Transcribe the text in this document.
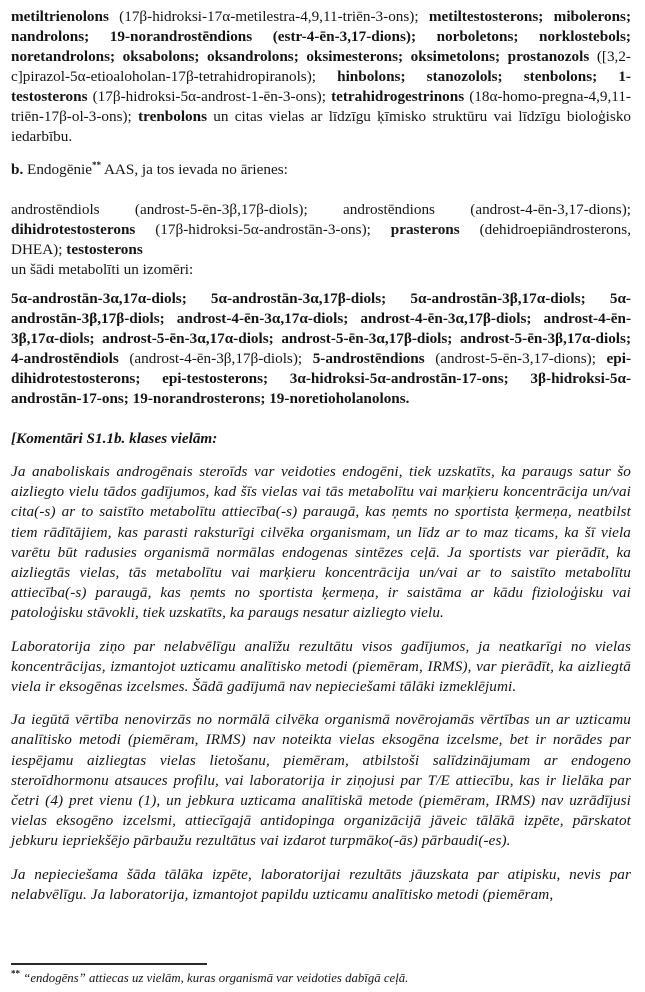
metiltrienolons (17β-hidroksi-17α-metilestra-4,9,11-triēn-3-ons); metiltestosterons; mibolerons; nandrolons; 19-norandrostēndions (estr-4-ēn-3,17-dions); norboletons; norklostebols; noretandrolons; oksabolons; oksandrolons; oksimesterons; oksimetolons; prostanozols ([3,2-c]pirazol-5α-etioaloholan-17β-tetrahidropiranols); hinbolons; stanozolols; stenbolons; 1-testosterons (17β-hidroksi-5α-androst-1-ēn-3-ons); tetrahidrogestrinons (18α-homo-pregna-4,9,11-triēn-17β-ol-3-ons); trenbolons un citas vielas ar līdzīgu ķīmisko struktūru vai līdzīgu bioloģisko iedarbību.

b. Endogēnie** AAS, ja tos ievada no ārienes:

androstēndiols (androst-5-ēn-3β,17β-diols); androstēndions (androst-4-ēn-3,17-dions); dihidrotestosterons (17β-hidroksi-5α-androstān-3-ons); prasterons (dehidroepiāndrosterons, DHEA); testosterons
un šādi metabolīti un izomēri:

5α-androstān-3α,17α-diols; 5α-androstān-3α,17β-diols; 5α-androstān-3β,17α-diols; 5α-androstān-3β,17β-diols; androst-4-ēn-3α,17α-diols; androst-4-ēn-3α,17β-diols; androst-4-ēn-3β,17α-diols; androst-5-ēn-3α,17α-diols; androst-5-ēn-3α,17β-diols; androst-5-ēn-3β,17α-diols; 4-androstēndiols (androst-4-ēn-3β,17β-diols); 5-androstēndions (androst-5-ēn-3,17-dions); epi-dihidrotestosterons; epi-testosterons; 3α-hidroksi-5α-androstān-17-ons; 3β-hidroksi-5α-androstān-17-ons; 19-norandrosterons; 19-noretioholanolons.

[Komentāri S1.1b. klases vielām:

Ja anaboliskais androgēnais steroīds var veidoties endogēni, tiek uzskatīts, ka paraugs satur šo aizliegto vielu tādos gadījumos, kad šīs vielas vai tās metabolītu vai marķieru koncentrācija un/vai cita(-s) ar to saistīto metabolītu attiecība(-s) paraugā, kas ņemts no sportista ķermeņa, neatbilst tiem rādītājiem, kas parasti raksturīgi cilvēka organismam, un līdz ar to maz ticams, ka šī viela varētu būt radusies organismā normālas endogenas sintēzes ceļā. Ja sportists var pierādīt, ka aizliegtās vielas, tās metabolītu vai marķieru koncentrācija un/vai ar to saistīto metabolītu attiecība(-s) paraugā, kas ņemts no sportista ķermeņa, ir saistāma ar kādu fizioloģisku vai patoloģisku stāvokli, tiek uzskatīts, ka paraugs nesatur aizliegto vielu.

Laboratorija ziņo par nelabvēlīgu analīžu rezultātu visos gadījumos, ja neatkarīgi no vielas koncentrācijas, izmantojot uzticamu analītisko metodi (piemēram, IRMS), var pierādīt, ka aizliegtā viela ir eksogēnas izcelsmes. Šādā gadījumā nav nepieciešami tālāki izmeklējumi.

Ja iegūtā vērtība nenovirzās no normālā cilvēka organismā novērojamās vērtības un ar uzticamu analītisko metodi (piemēram, IRMS) nav noteikta vielas eksogēna izcelsme, bet ir norādes par iespējamu aizliegtas vielas lietošanu, piemēram, atbilstoši salīdzinājumam ar endogeno steroīdhormonu atsauces profilu, vai laboratorija ir ziņojusi par T/E attiecību, kas ir lielāka par četri (4) pret vienu (1), un jebkura uzticama analītiskā metode (piemēram, IRMS) nav uzrādījusi vielas eksogēno izcelsmi, attiecīgajā antidopinga organizācijā jāveic tālākā izpēte, pārskatot jebkuru iepriekšējo pārbaužu rezultātus vai izdarot turpmāko(-ās) pārbaudi(-es).

Ja nepieciešama šāda tālāka izpēte, laboratorijai rezultāts jāuzskata par atipisku, nevis par nelabvēlīgu. Ja laboratorija, izmantojot papildu uzticamu analītisko metodi (piemēram,

** “endogēns” attiecas uz vielām, kuras organismā var veidoties dabīgā ceļā.
